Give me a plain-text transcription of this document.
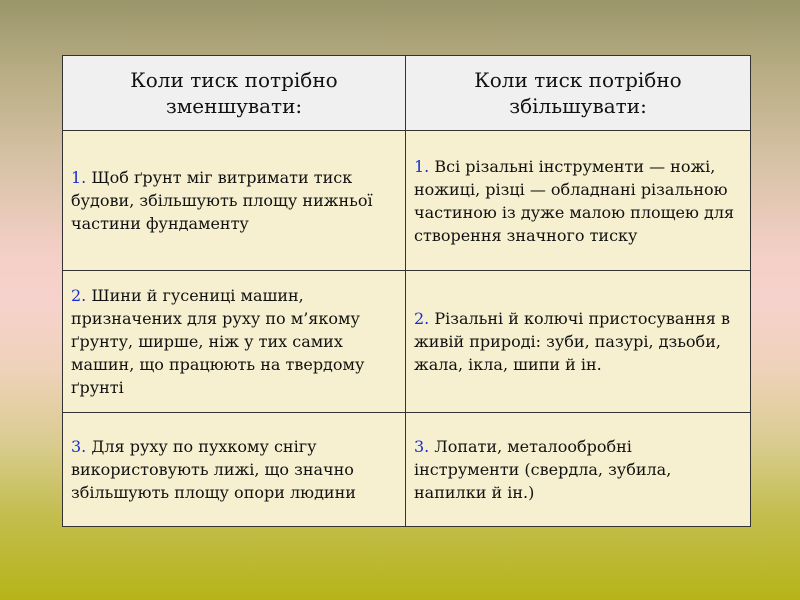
Коли тиск потрібно зменшувати:	Коли тиск потрібно збільшувати:
1. Щоб ґрунт міг витримати тиск будови, збільшують площу нижньої частини фундаменту	1. Всі різальні інструменти — ножі, ножиці, різці — обладнані різальною частиною із дуже малою площею для створення значного тиску
2. Шини й гусениці машин, призначених для руху по м’якому ґрунту, ширше, ніж у тих самих машин, що працюють на твердому ґрунті	2. Різальні й колючі пристосування в живій природі: зуби, пазурі, дзьоби, жала, ікла, шипи й ін.
3. Для руху по пухкому снігу використовують лижі, що значно збільшують площу опори людини	3. Лопати, металообробні інструменти (свердла, зубила, напилки й ін.)
